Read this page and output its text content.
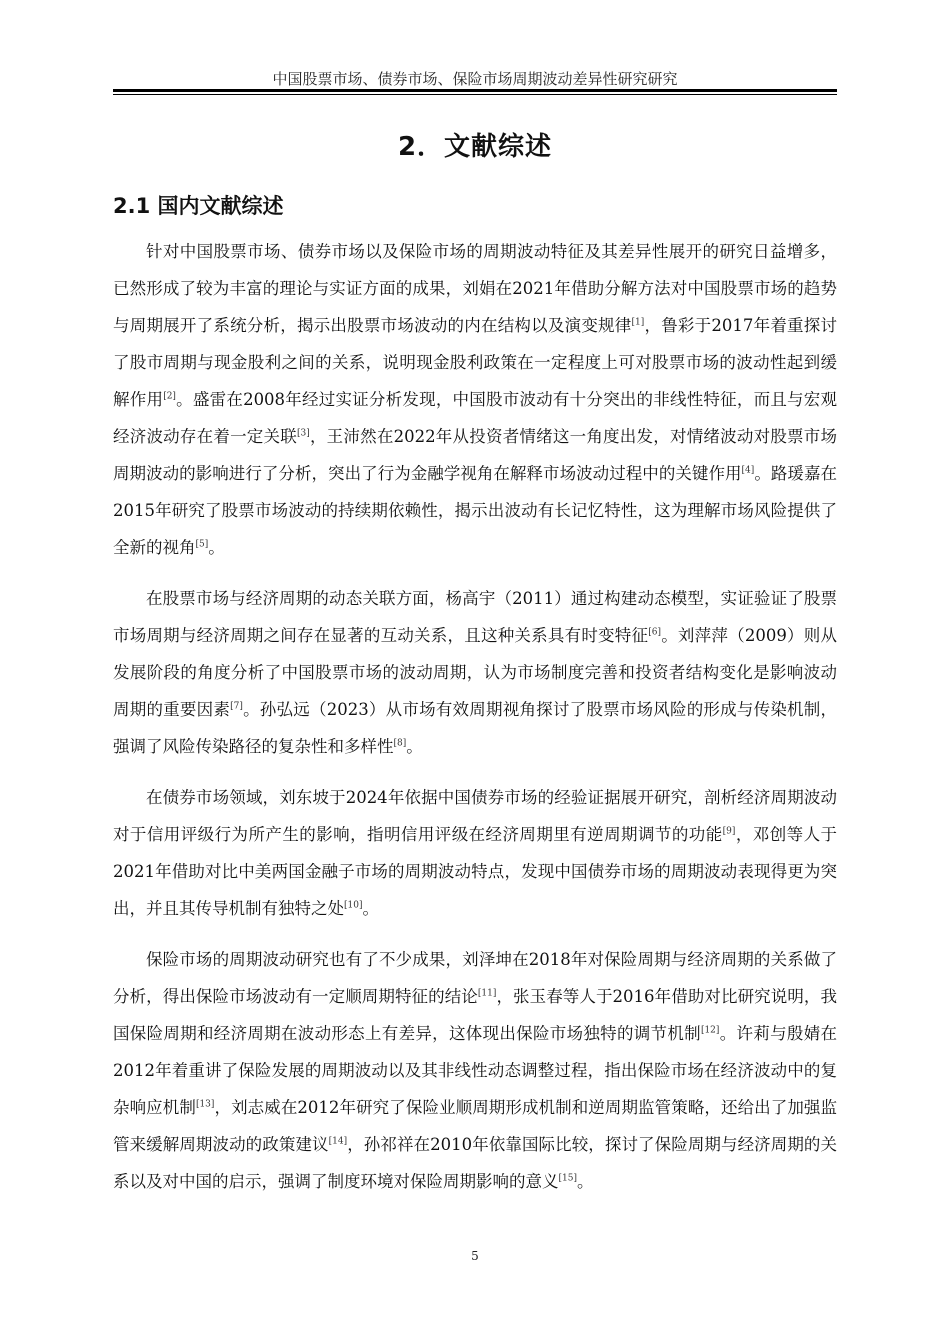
中国股票市场、债券市场、保险市场周期波动差异性研究研究
2．文献综述
2.1 国内文献综述

针对中国股票市场、债券市场以及保险市场的周期波动特征及其差异性展开的研究日益增多，已然形成了较为丰富的理论与实证方面的成果，刘娟在2021年借助分解方法对中国股票市场的趋势与周期展开了系统分析，揭示出股票市场波动的内在结构以及演变规律[1]，鲁彩于2017年着重探讨了股市周期与现金股利之间的关系，说明现金股利政策在一定程度上可对股票市场的波动性起到缓解作用[2]。盛雷在2008年经过实证分析发现，中国股市波动有十分突出的非线性特征，而且与宏观经济波动存在着一定关联[3]，王沛然在2022年从投资者情绪这一角度出发，对情绪波动对股票市场周期波动的影响进行了分析，突出了行为金融学视角在解释市场波动过程中的关键作用[4]。路瑗嘉在2015年研究了股票市场波动的持续期依赖性，揭示出波动有长记忆特性，这为理解市场风险提供了全新的视角[5]。

在股票市场与经济周期的动态关联方面，杨高宇（2011）通过构建动态模型，实证验证了股票市场周期与经济周期之间存在显著的互动关系，且这种关系具有时变特征[6]。刘萍萍（2009）则从发展阶段的角度分析了中国股票市场的波动周期，认为市场制度完善和投资者结构变化是影响波动周期的重要因素[7]。孙弘远（2023）从市场有效周期视角探讨了股票市场风险的形成与传染机制，强调了风险传染路径的复杂性和多样性[8]。

在债券市场领域，刘东坡于2024年依据中国债券市场的经验证据展开研究，剖析经济周期波动对于信用评级行为所产生的影响，指明信用评级在经济周期里有逆周期调节的功能[9]，邓创等人于2021年借助对比中美两国金融子市场的周期波动特点，发现中国债券市场的周期波动表现得更为突出，并且其传导机制有独特之处[10]。

保险市场的周期波动研究也有了不少成果，刘泽坤在2018年对保险周期与经济周期的关系做了分析，得出保险市场波动有一定顺周期特征的结论[11]，张玉春等人于2016年借助对比研究说明，我国保险周期和经济周期在波动形态上有差异，这体现出保险市场独特的调节机制[12]。许莉与殷婧在2012年着重讲了保险发展的周期波动以及其非线性动态调整过程，指出保险市场在经济波动中的复杂响应机制[13]，刘志威在2012年研究了保险业顺周期形成机制和逆周期监管策略，还给出了加强监管来缓解周期波动的政策建议[14]，孙祁祥在2010年依靠国际比较，探讨了保险周期与经济周期的关系以及对中国的启示，强调了制度环境对保险周期影响的意义[15]。

5
